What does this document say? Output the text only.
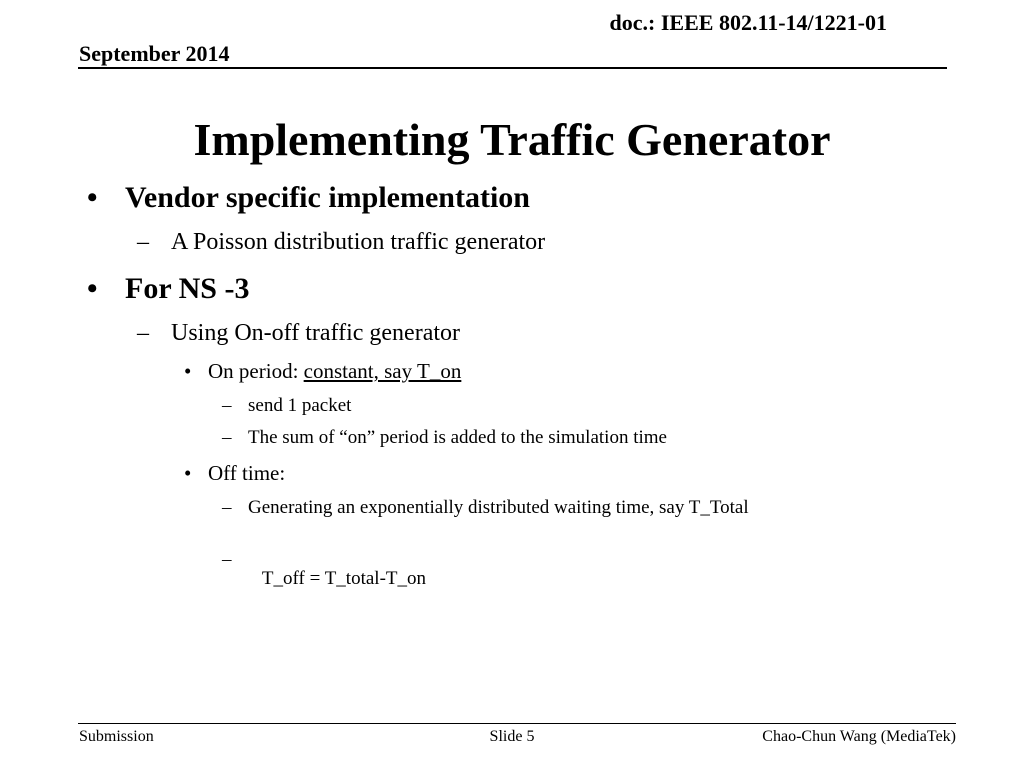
doc.: IEEE 802.11-14/1221-01
September 2014
Implementing Traffic Generator
• Vendor specific implementation
– A Poisson distribution traffic generator
• For NS -3
– Using On-off traffic generator
• On period: constant, say T_on
– send 1 packet
– The sum of “on” period is added to the simulation time
• Off time:
– Generating an exponentially distributed waiting time, say T_Total

–

T_off = T_total-T_on

Submission	Slide 5	Chao-Chun Wang (MediaTek)
